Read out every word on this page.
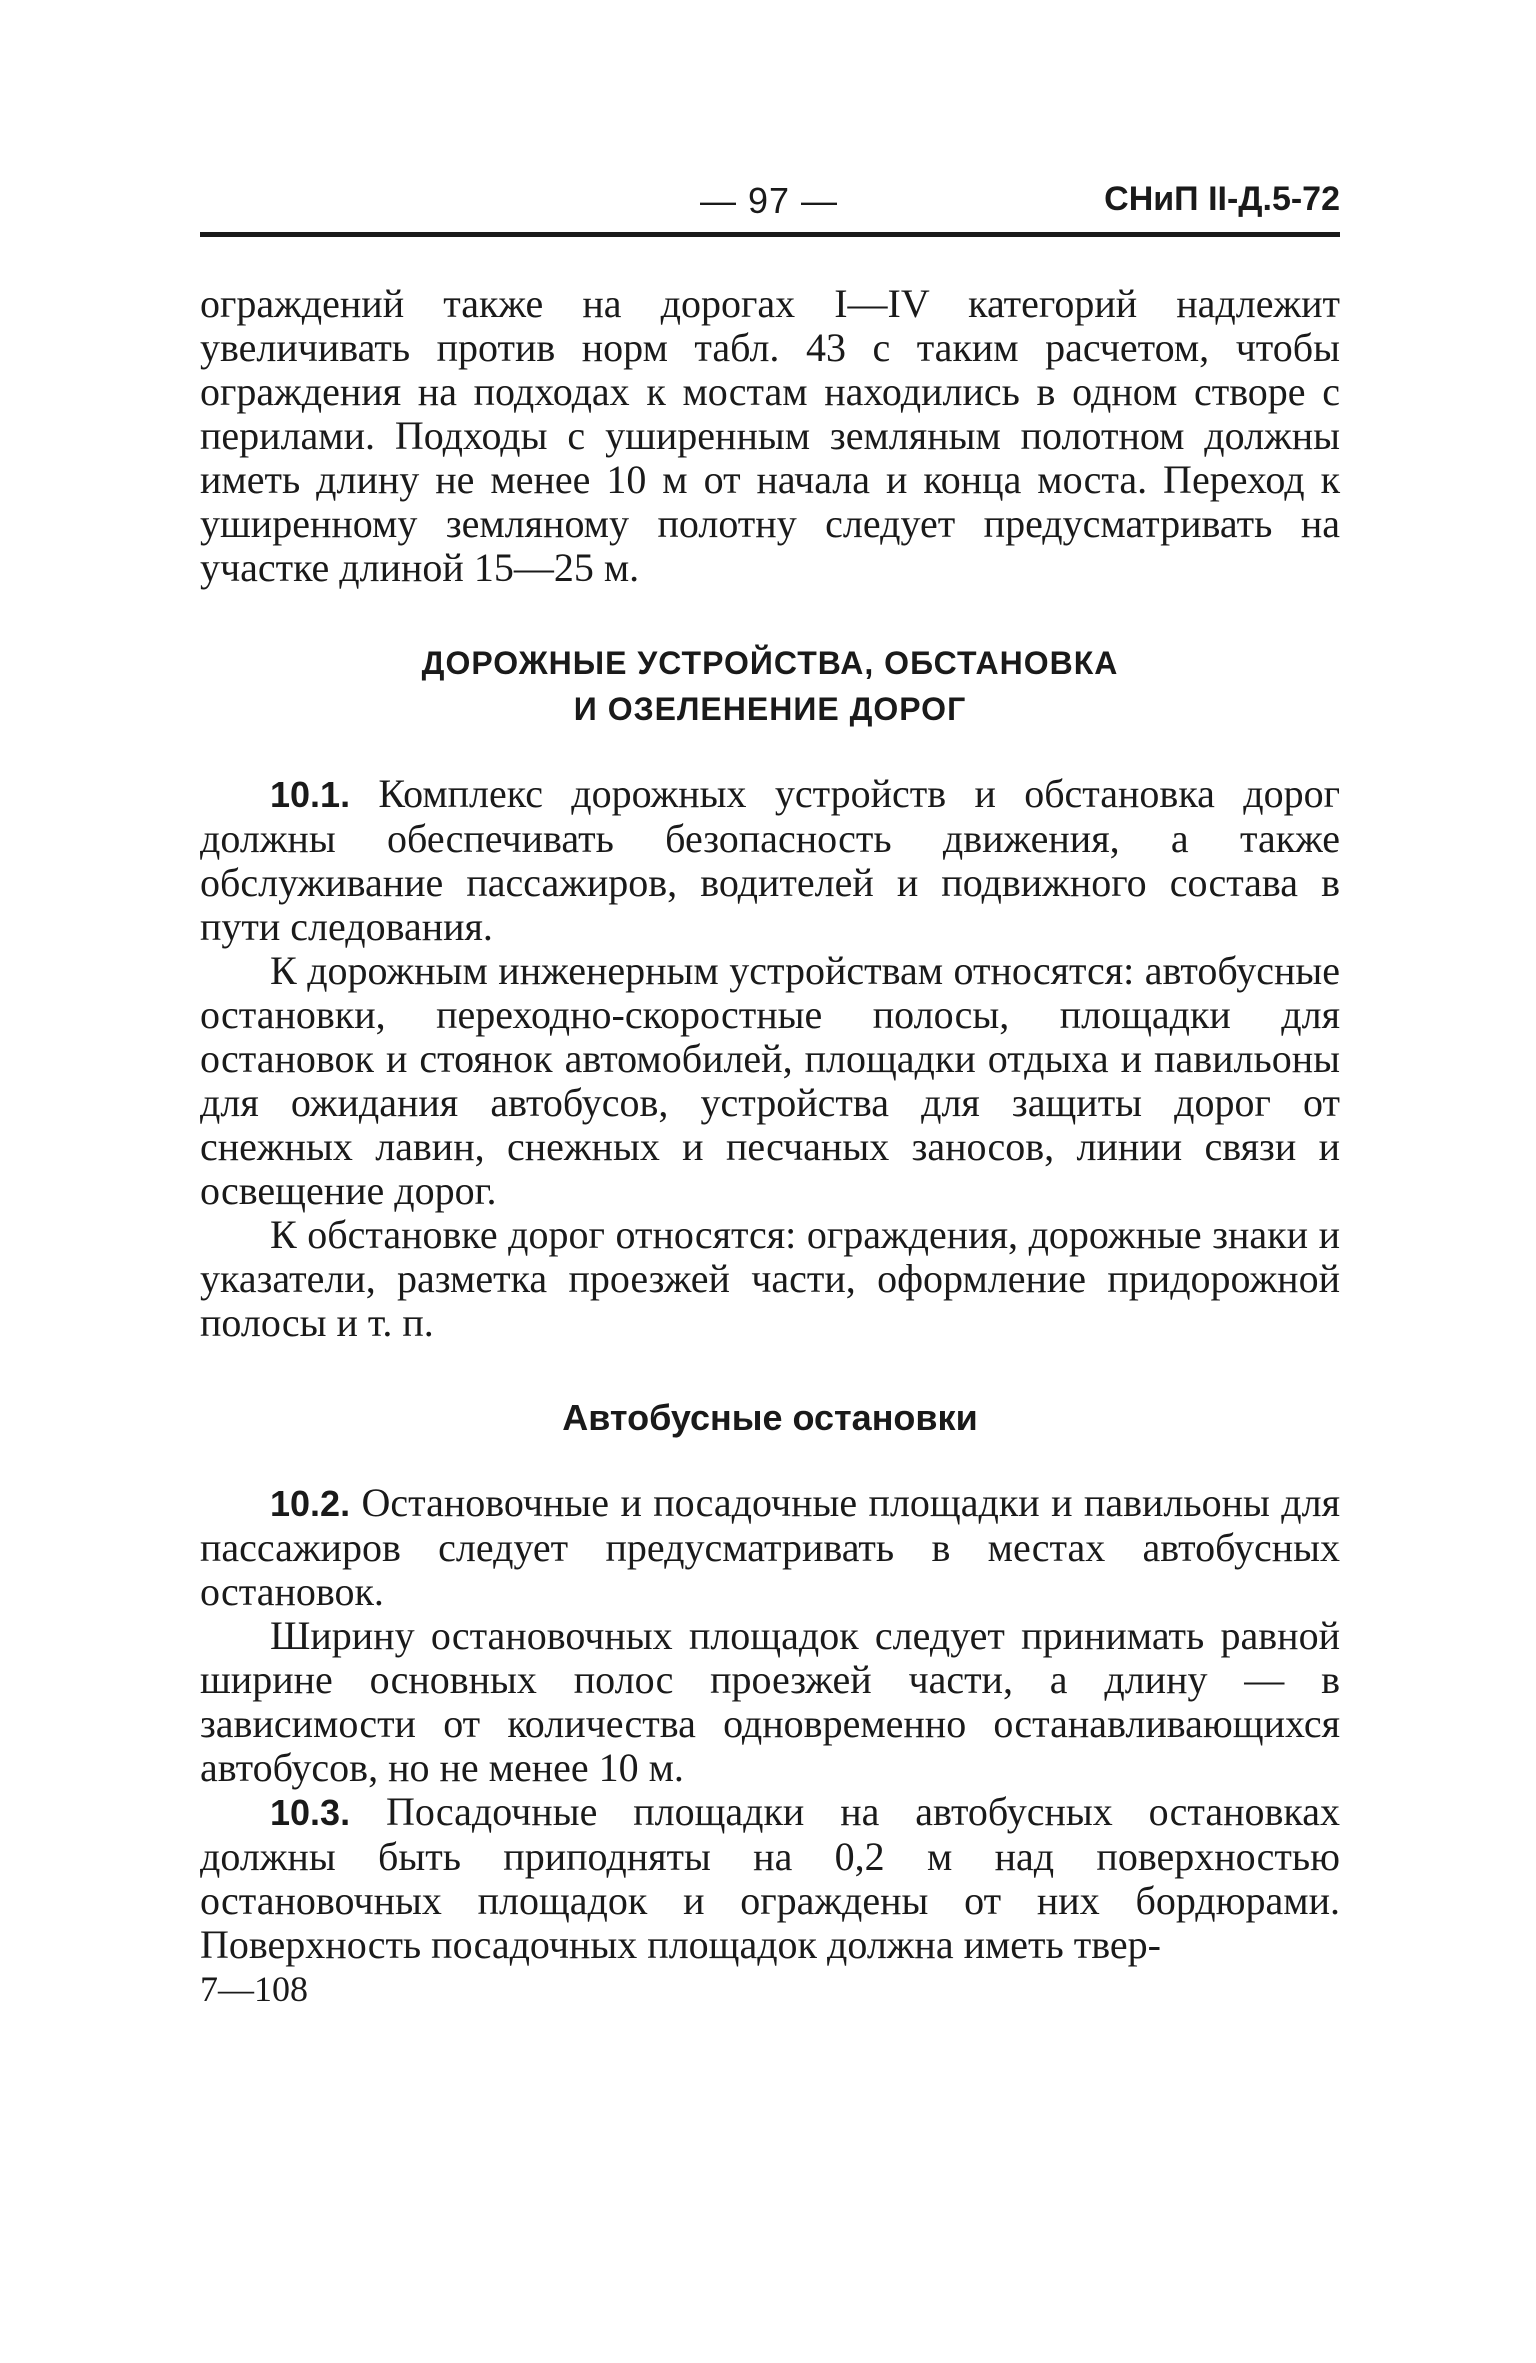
— 97 —	СНиП II-Д.5-72

ограждений также на дорогах I—IV категорий надлежит увеличивать против норм табл. 43 с таким расчетом, чтобы ограждения на подходах к мостам находились в одном створе с перилами. Подходы с уширенным земляным полотном должны иметь длину не менее 10 м от начала и конца моста. Переход к уширенному земляному полотну следует предусматривать на участке длиной 15—25 м.

ДОРОЖНЫЕ УСТРОЙСТВА, ОБСТАНОВКА
И ОЗЕЛЕНЕНИЕ ДОРОГ

10.1. Комплекс дорожных устройств и обстановка дорог должны обеспечивать безопасность движения, а также обслуживание пассажиров, водителей и подвижного состава в пути следования.

К дорожным инженерным устройствам относятся: автобусные остановки, переходно-скоростные полосы, площадки для остановок и стоянок автомобилей, площадки отдыха и павильоны для ожидания автобусов, устройства для защиты дорог от снежных лавин, снежных и песчаных заносов, линии связи и освещение дорог.

К обстановке дорог относятся: ограждения, дорожные знаки и указатели, разметка проезжей части, оформление придорожной полосы и т. п.

Автобусные остановки

10.2. Остановочные и посадочные площадки и павильоны для пассажиров следует предусматривать в местах автобусных остановок.

Ширину остановочных площадок следует принимать равной ширине основных полос проезжей части, а длину — в зависимости от количества одновременно останавливающихся автобусов, но не менее 10 м.

10.3. Посадочные площадки на автобусных остановках должны быть приподняты на 0,2 м над поверхностью остановочных площадок и ограждены от них бордюрами. Поверхность посадочных площадок должна иметь твер-

7—108
